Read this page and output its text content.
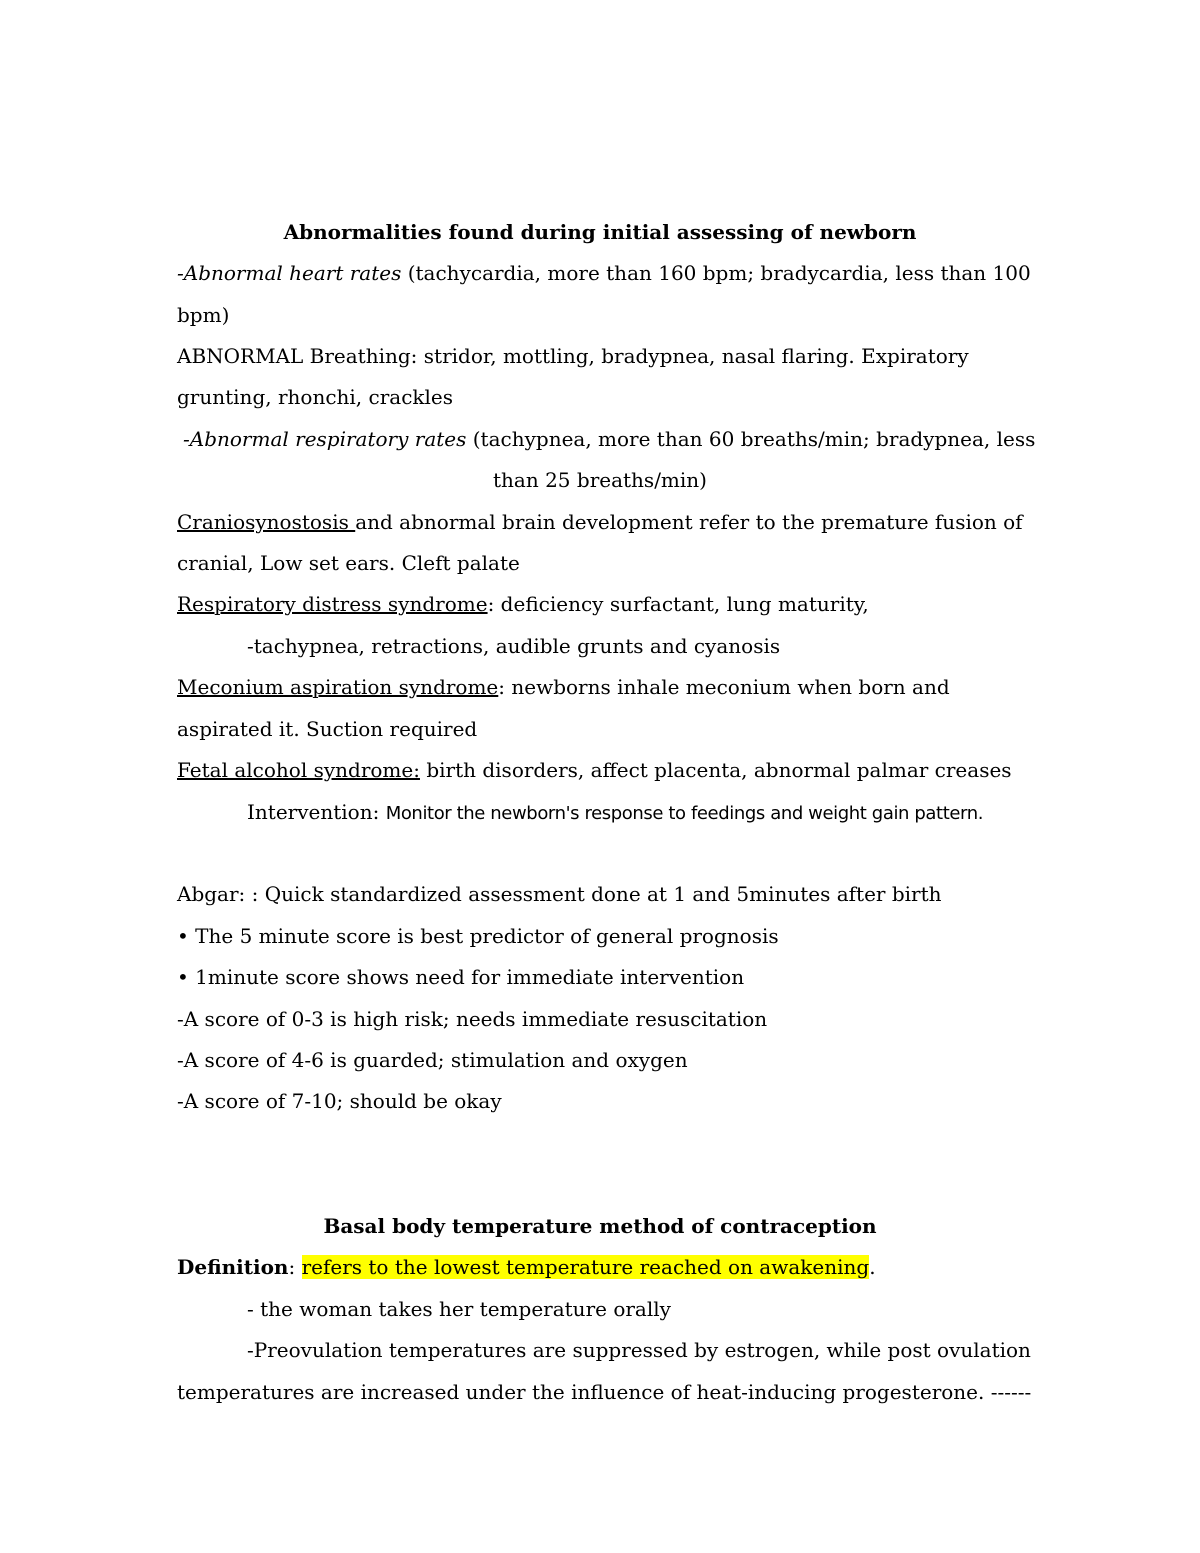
Abnormalities found during initial assessing of newborn
-Abnormal heart rates (tachycardia, more than 160 bpm; bradycardia, less than 100
bpm)
ABNORMAL Breathing: stridor, mottling, bradypnea, nasal flaring. Expiratory
grunting, rhonchi, crackles
-Abnormal respiratory rates (tachypnea, more than 60 breaths/min; bradypnea, less
than 25 breaths/min)
Craniosynostosis and abnormal brain development refer to the premature fusion of
cranial, Low set ears. Cleft palate
Respiratory distress syndrome: deficiency surfactant, lung maturity,
-tachypnea, retractions, audible grunts and cyanosis
Meconium aspiration syndrome: newborns inhale meconium when born and
aspirated it. Suction required
Fetal alcohol syndrome: birth disorders, affect placenta, abnormal palmar creases
Intervention: Monitor the newborn's response to feedings and weight gain pattern.
Abgar: : Quick standardized assessment done at 1 and 5minutes after birth
• The 5 minute score is best predictor of general prognosis
• 1minute score shows need for immediate intervention
-A score of 0-3 is high risk; needs immediate resuscitation
-A score of 4-6 is guarded; stimulation and oxygen
-A score of 7-10; should be okay
Basal body temperature method of contraception
Definition: refers to the lowest temperature reached on awakening.
- the woman takes her temperature orally
-Preovulation temperatures are suppressed by estrogen, while post ovulation
temperatures are increased under the influence of heat-inducing progesterone. ------
